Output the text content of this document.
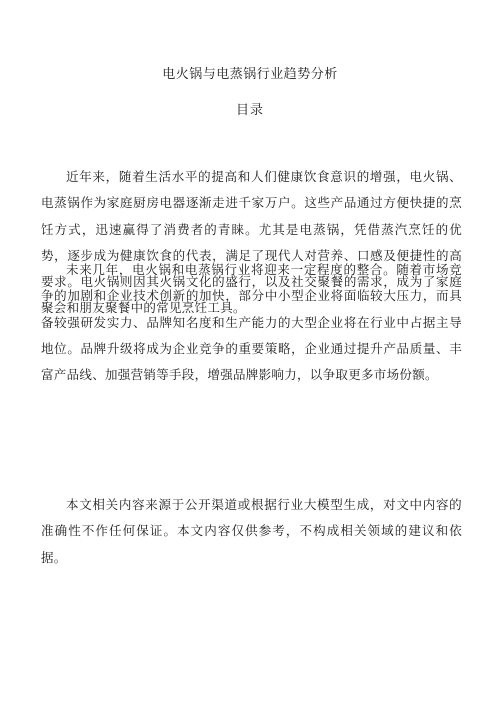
电火锅与电蒸锅行业趋势分析
目录

近年来，随着生活水平的提高和人们健康饮食意识的增强，电火锅、电蒸锅作为家庭厨房电器逐渐走进千家万户。这些产品通过方便快捷的烹饪方式，迅速赢得了消费者的青睐。尤其是电蒸锅，凭借蒸汽烹饪的优势，逐步成为健康饮食的代表，满足了现代人对营养、口感及便捷性的高要求。电火锅则因其火锅文化的盛行，以及社交聚餐的需求，成为了家庭聚会和朋友聚餐中的常见烹饪工具。

未来几年，电火锅和电蒸锅行业将迎来一定程度的整合。随着市场竞争的加剧和企业技术创新的加快，部分中小型企业将面临较大压力，而具备较强研发实力、品牌知名度和生产能力的大型企业将在行业中占据主导地位。品牌升级将成为企业竞争的重要策略，企业通过提升产品质量、丰富产品线、加强营销等手段，增强品牌影响力，以争取更多市场份额。

本文相关内容来源于公开渠道或根据行业大模型生成，对文中内容的准确性不作任何保证。本文内容仅供参考，不构成相关领域的建议和依据。
